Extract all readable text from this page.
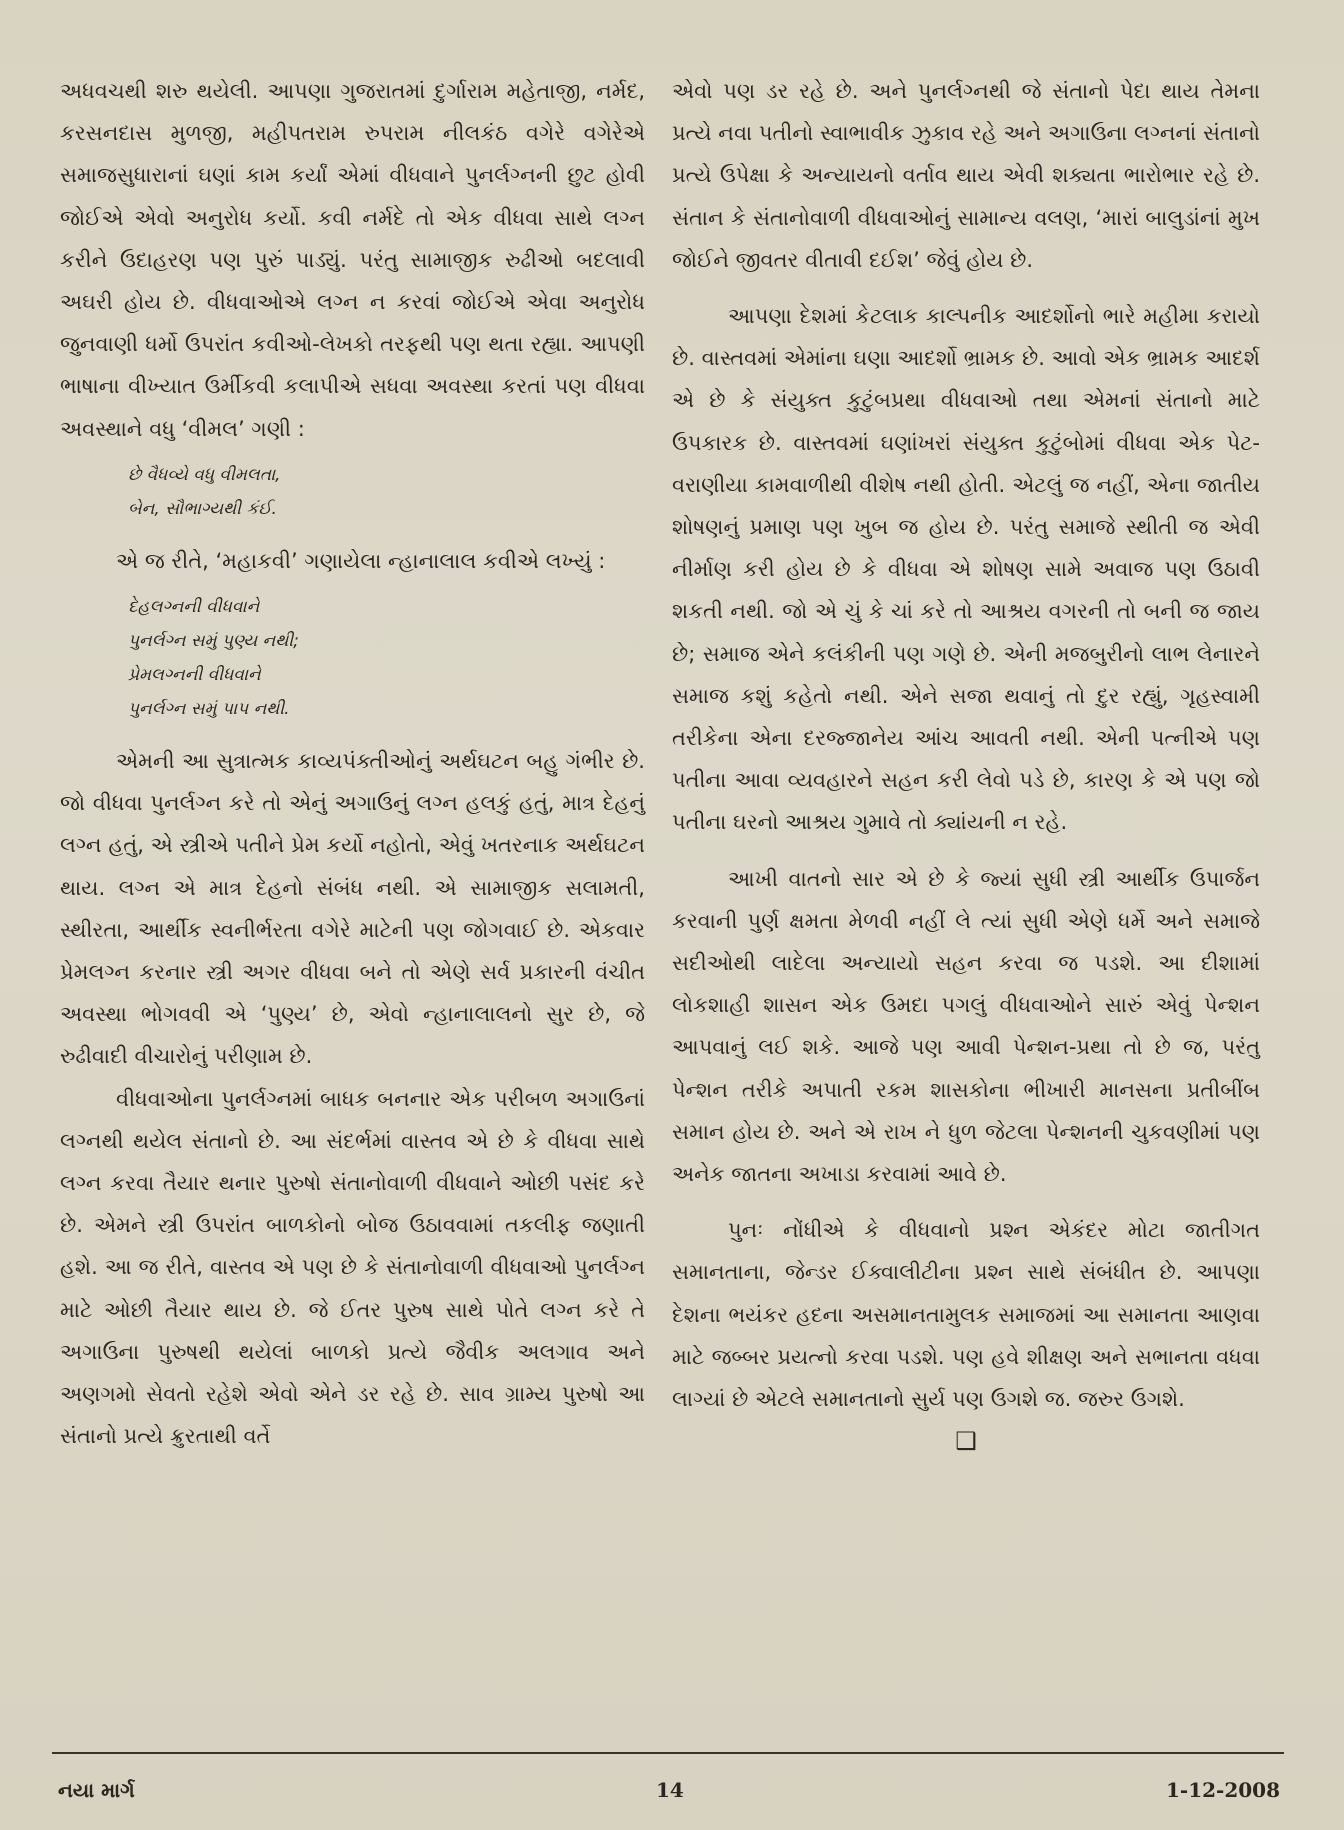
અધવચથી શરુ થયેલી. આપણા ગુજરાતમાં દુર્ગારામ મહેતાજી, નર્મદ, કરસનદાસ મુળજી, મહીપતરામ રુપરામ નીલકંઠ વગેરે વગેરેએ સમાજસુધારાનાં ઘણાં કામ કર્યાં એમાં વીધવાને પુનર્લગ્નની છુટ હોવી જોઈએ એવો અનુરોધ કર્યો. કવી નર્મદે તો એક વીધવા સાથે લગ્ન કરીને ઉદાહરણ પણ પુરું પાડ્યું. પરંતુ સામાજીક રુઢીઓ બદલાવી અઘરી હોય છે. વીધવાઓએ લગ્ન ન કરવાં જોઈએ એવા અનુરોધ જુનવાણી ધર્મો ઉપરાંત કવીઓ-લેખકો તરફથી પણ થતા રહ્યા. આપણી ભાષાના વીખ્યાત ઉર્મીકવી કલાપીએ સધવા અવસ્થા કરતાં પણ વીધવા અવસ્થાને વધુ ‘વીમલ’ ગણી :

છે વૈધવ્યે વધુ વીમલતા,
બેન, સૌભાગ્યથી કંઈ.

એ જ રીતે, ‘મહાકવી’ ગણાયેલા ન્હાનાલાલ કવીએ લખ્યું :

દેહલગ્નની વીધવાને
પુનર્લગ્ન સમું પુણ્ય નથી;
પ્રેમલગ્નની વીધવાને
પુનર્લગ્ન સમું પાપ નથી.

એમની આ સુત્રાત્મક કાવ્યપંક્તીઓનું અર્થઘટન બહુ ગંભીર છે. જો વીધવા પુનર્લગ્ન કરે તો એનું અગાઉનું લગ્ન હલકું હતું, માત્ર દેહનું લગ્ન હતું, એ સ્ત્રીએ પતીને પ્રેમ કર્યો નહોતો, એવું ખતરનાક અર્થઘટન થાય. લગ્ન એ માત્ર દેહનો સંબંધ નથી. એ સામાજીક સલામતી, સ્થીરતા, આર્થીક સ્વનીર્ભરતા વગેરે માટેની પણ જોગવાઈ છે. એકવાર પ્રેમલગ્ન કરનાર સ્ત્રી અગર વીધવા બને તો એણે સર્વ પ્રકારની વંચીત અવસ્થા ભોગવવી એ ‘પુણ્ય’ છે, એવો ન્હાનાલાલનો સુર છે, જે રુઢીવાદી વીચારોનું પરીણામ છે.

વીધવાઓના પુનર્લગ્નમાં બાધક બનનાર એક પરીબળ અગાઉનાં લગ્નથી થયેલ સંતાનો છે. આ સંદર્ભમાં વાસ્તવ એ છે કે વીધવા સાથે લગ્ન કરવા તૈયાર થનાર પુરુષો સંતાનોવાળી વીધવાને ઓછી પસંદ કરે છે. એમને સ્ત્રી ઉપરાંત બાળકોનો બોજ ઉઠાવવામાં તકલીફ જણાતી હશે. આ જ રીતે, વાસ્તવ એ પણ છે કે સંતાનોવાળી વીધવાઓ પુનર્લગ્ન માટે ઓછી તૈયાર થાય છે. જે ઈતર પુરુષ સાથે પોતે લગ્ન કરે તે અગાઉના પુરુષથી થયેલાં બાળકો પ્રત્યે જૈવીક અલગાવ અને અણગમો સેવતો રહેશે એવો એને ડર રહે છે. સાવ ગ્રામ્ય પુરુષો આ સંતાનો પ્રત્યે ક્રુરતાથી વર્તે

એવો પણ ડર રહે છે. અને પુનર્લગ્નથી જે સંતાનો પેદા થાય તેમના પ્રત્યે નવા પતીનો સ્વાભાવીક ઝુકાવ રહે અને અગાઉના લગ્નનાં સંતાનો પ્રત્યે ઉપેક્ષા કે અન્યાયનો વર્તાવ થાય એવી શક્યતા ભારોભાર રહે છે. સંતાન કે સંતાનોવાળી વીધવાઓનું સામાન્ય વલણ, ‘મારાં બાલુડાંનાં મુખ જોઈને જીવતર વીતાવી દઈશ’ જેવું હોય છે.

આપણા દેશમાં કેટલાક કાલ્પનીક આદર્શોનો ભારે મહીમા કરાયો છે. વાસ્તવમાં એમાંના ઘણા આદર્શો ભ્રામક છે. આવો એક ભ્રામક આદર્શ એ છે કે સંયુક્ત કુટુંબપ્રથા વીધવાઓ તથા એમનાં સંતાનો માટે ઉપકારક છે. વાસ્તવમાં ઘણાંખરાં સંયુક્ત કુટુંબોમાં વીધવા એક પેટ- વરાણીયા કામવાળીથી વીશેષ નથી હોતી. એટલું જ નહીં, એના જાતીય શોષણનું પ્રમાણ પણ ખુબ જ હોય છે. પરંતુ સમાજે સ્થીતી જ એવી નીર્માણ કરી હોય છે કે વીધવા એ શોષણ સામે અવાજ પણ ઉઠાવી શકતી નથી. જો એ ચું કે ચાં કરે તો આશ્રય વગરની તો બની જ જાય છે; સમાજ એને કલંકીની પણ ગણે છે. એની મજબુરીનો લાભ લેનારને સમાજ કશું કહેતો નથી. એને સજા થવાનું તો દુર રહ્યું, ગૃહસ્વામી તરીકેના એના દરજ્જાનેય આંચ આવતી નથી. એની પત્નીએ પણ પતીના આવા વ્યવહારને સહન કરી લેવો પડે છે, કારણ કે એ પણ જો પતીના ઘરનો આશ્રય ગુમાવે તો ક્યાંયની ન રહે.

આખી વાતનો સાર એ છે કે જ્યાં સુધી સ્ત્રી આર્થીક ઉપાર્જન કરવાની પુર્ણ ક્ષમતા મેળવી નહીં લે ત્યાં સુધી એણે ધર્મે અને સમાજે સદીઓથી લાદેલા અન્યાયો સહન કરવા જ પડશે. આ દીશામાં લોકશાહી શાસન એક ઉમદા પગલું વીધવાઓને સારું એવું પેન્શન આપવાનું લઈ શકે. આજે પણ આવી પેન્શન-પ્રથા તો છે જ, પરંતુ પેન્શન તરીકે અપાતી રકમ શાસકોના ભીખારી માનસના પ્રતીબીંબ સમાન હોય છે. અને એ રાખ ને ધુળ જેટલા પેન્શનની ચુકવણીમાં પણ અનેક જાતના અખાડા કરવામાં આવે છે.

પુનઃ નોંધીએ કે વીધવાનો પ્રશ્ન એકંદર મોટા જાતીગત સમાનતાના, જેન્ડર ઈક્વાલીટીના પ્રશ્ન સાથે સંબંધીત છે. આપણા દેશના ભયંકર હદના અસમાનતામુલક સમાજમાં આ સમાનતા આણવા માટે જબ્બર પ્રયત્નો કરવા પડશે. પણ હવે શીક્ષણ અને સભાનતા વધવા લાગ્યાં છે એટલે સમાનતાનો સુર્ય પણ ઉગશે જ. જરુર ઉગશે.

❑
નયા માર્ગ	14	1-12-2008
